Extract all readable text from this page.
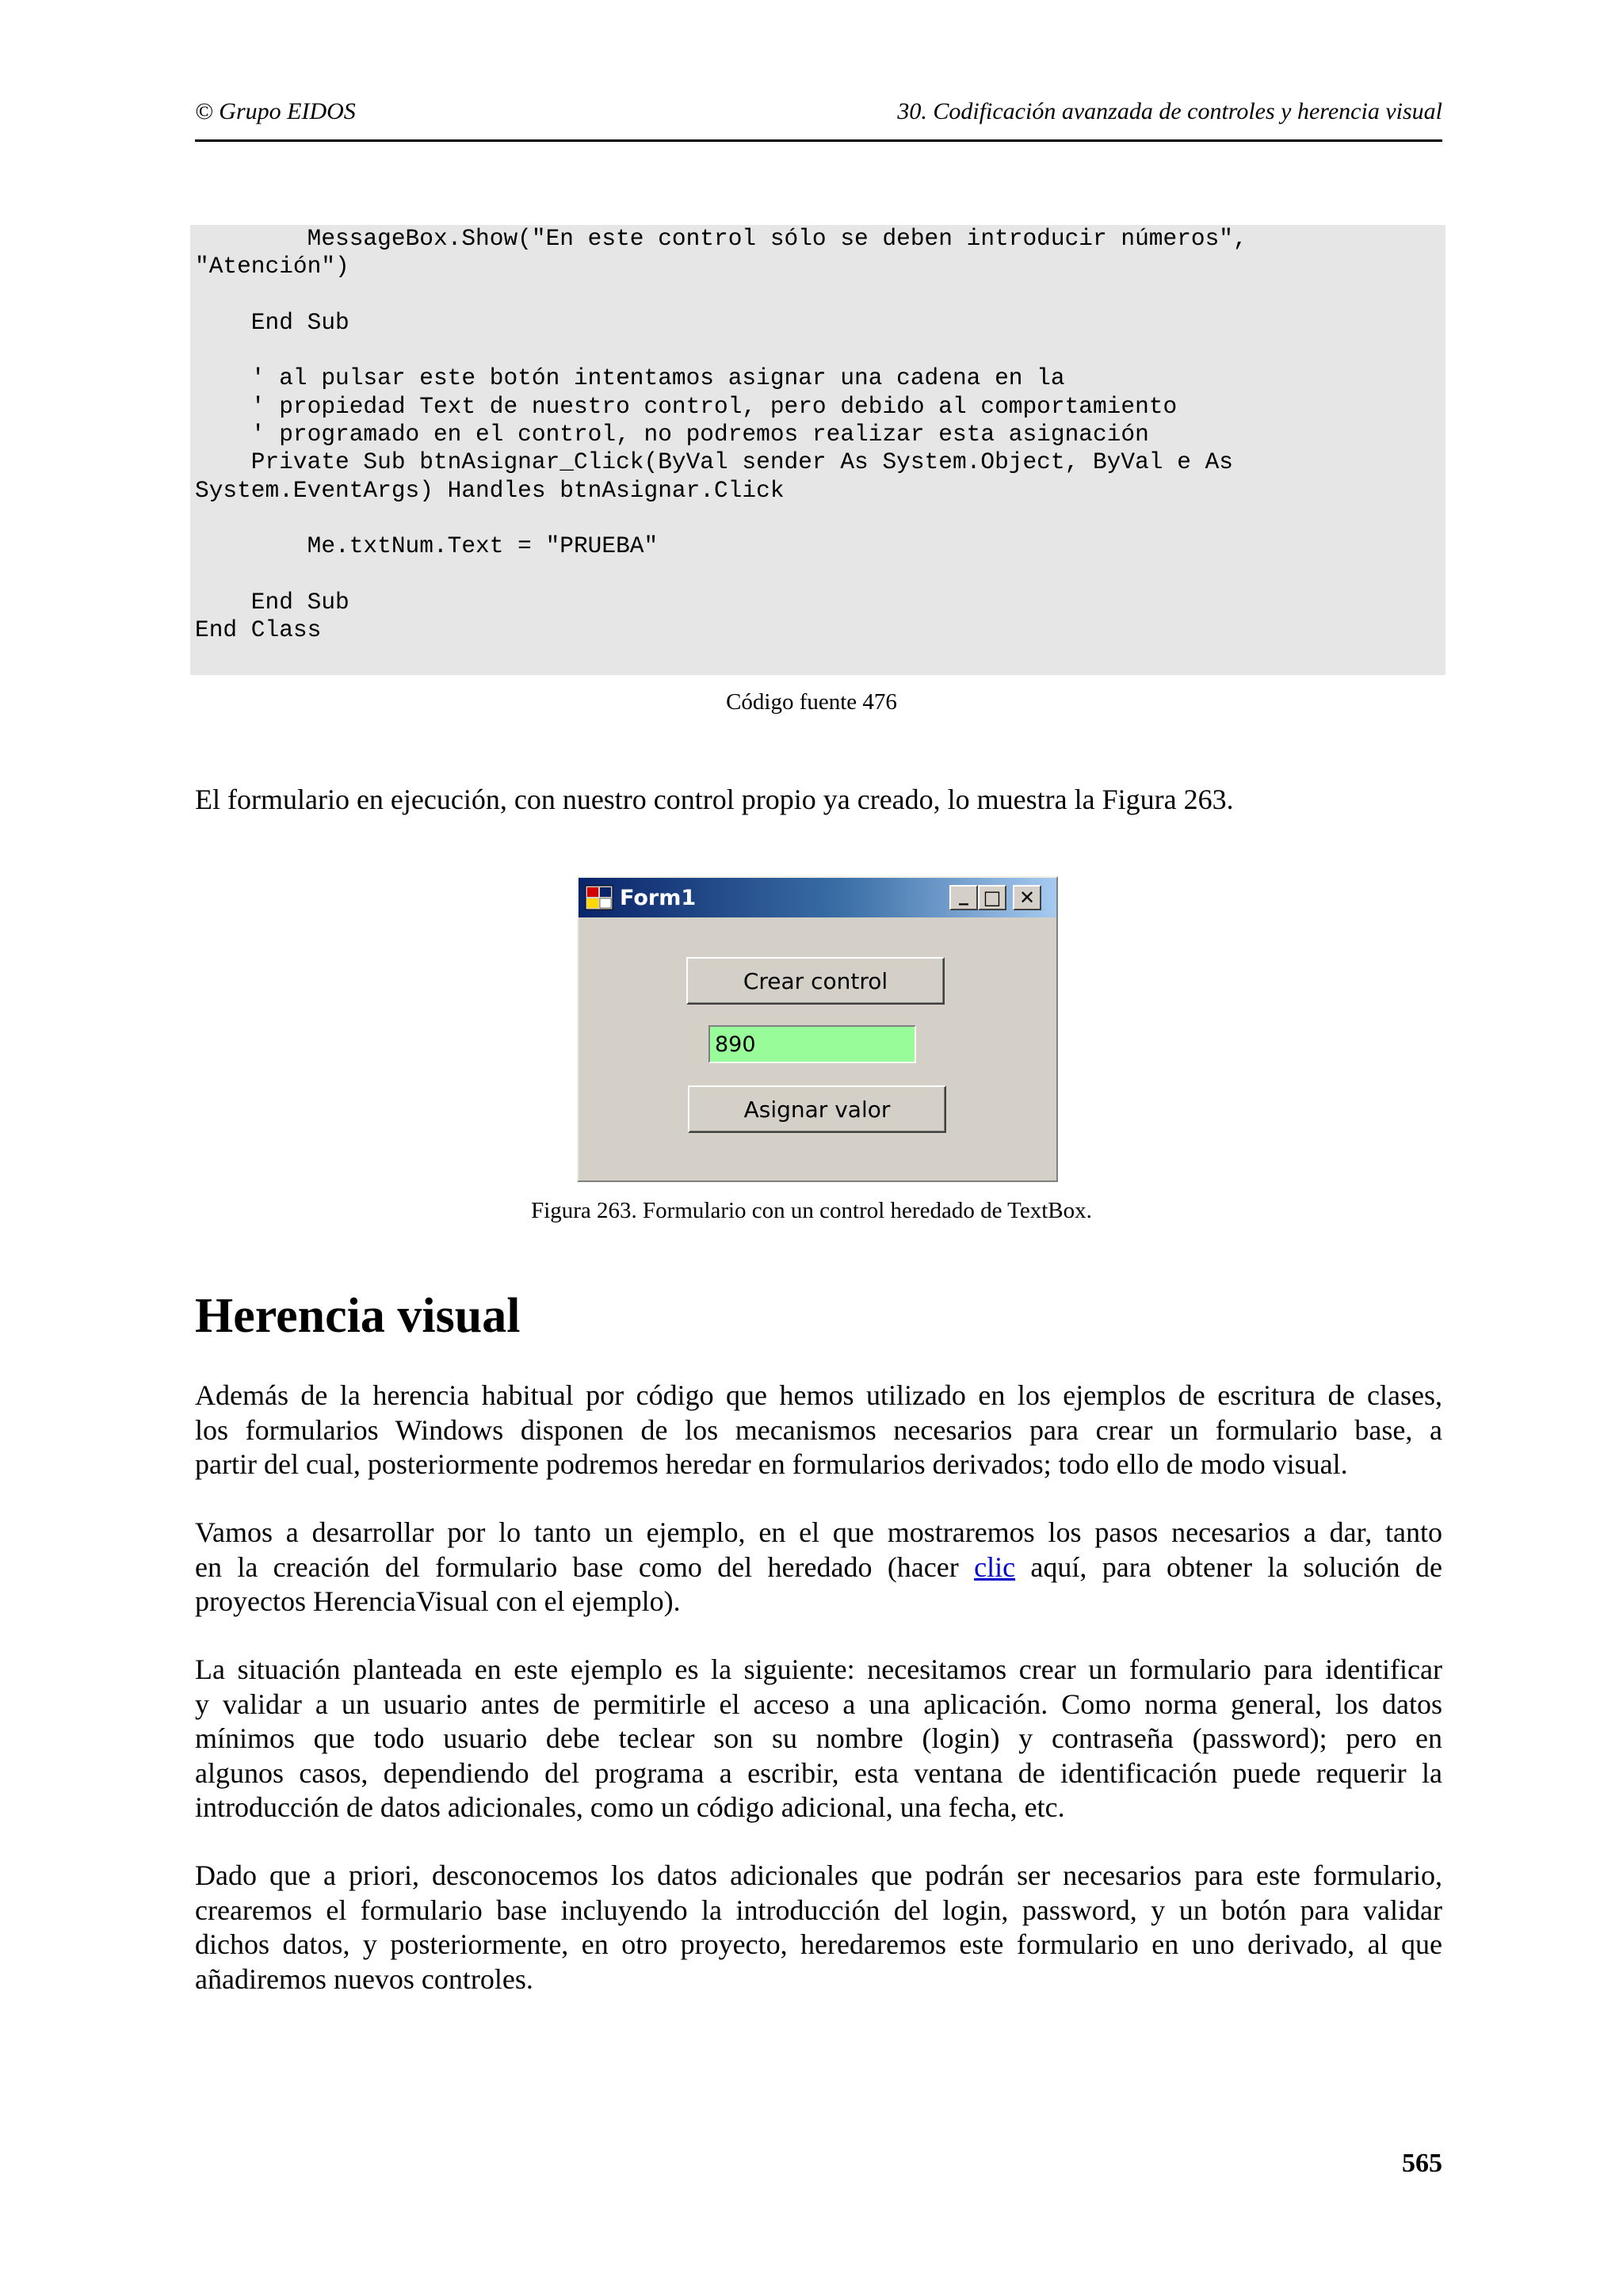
© Grupo EIDOS	30. Codificación avanzada de controles y herencia visual
MessageBox.Show("En este control sólo se deben introducir números",
"Atención")

End Sub

' al pulsar este botón intentamos asignar una cadena en la
' propiedad Text de nuestro control, pero debido al comportamiento
' programado en el control, no podremos realizar esta asignación
Private Sub btnAsignar_Click(ByVal sender As System.Object, ByVal e As
System.EventArgs) Handles btnAsignar.Click

Me.txtNum.Text = "PRUEBA"

End Sub
End Class
Código fuente 476
El formulario en ejecución, con nuestro control propio ya creado, lo muestra la Figura 263.
Form1	_ □ ✕
Crear control
890
Asignar valor
Figura 263. Formulario con un control heredado de TextBox.
Herencia visual
Además de la herencia habitual por código que hemos utilizado en los ejemplos de escritura de clases,
los formularios Windows disponen de los mecanismos necesarios para crear un formulario base, a
partir del cual, posteriormente podremos heredar en formularios derivados; todo ello de modo visual.
Vamos a desarrollar por lo tanto un ejemplo, en el que mostraremos los pasos necesarios a dar, tanto
en la creación del formulario base como del heredado (hacer clic aquí, para obtener la solución de
proyectos HerenciaVisual con el ejemplo).
La situación planteada en este ejemplo es la siguiente: necesitamos crear un formulario para identificar
y validar a un usuario antes de permitirle el acceso a una aplicación. Como norma general, los datos
mínimos que todo usuario debe teclear son su nombre (login) y contraseña (password); pero en
algunos casos, dependiendo del programa a escribir, esta ventana de identificación puede requerir la
introducción de datos adicionales, como un código adicional, una fecha, etc.
Dado que a priori, desconocemos los datos adicionales que podrán ser necesarios para este formulario,
crearemos el formulario base incluyendo la introducción del login, password, y un botón para validar
dichos datos, y posteriormente, en otro proyecto, heredaremos este formulario en uno derivado, al que
añadiremos nuevos controles.
565
